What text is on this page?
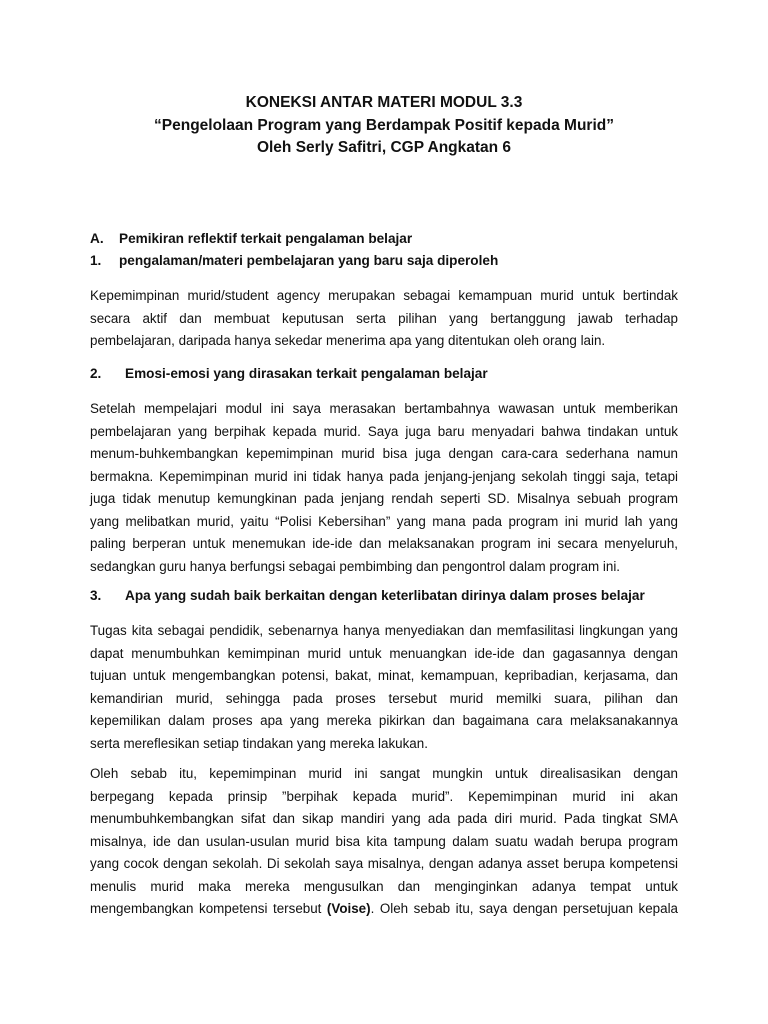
KONEKSI ANTAR MATERI MODUL 3.3
“Pengelolaan Program yang Berdampak Positif kepada Murid”
Oleh Serly Safitri, CGP Angkatan 6
A. Pemikiran reflektif terkait pengalaman belajar
1. pengalaman/materi pembelajaran yang baru saja diperoleh
Kepemimpinan murid/student agency merupakan sebagai kemampuan murid untuk bertindak
secara aktif dan membuat keputusan serta pilihan yang bertanggung jawab terhadap
pembelajaran, daripada hanya sekedar menerima apa yang ditentukan oleh orang lain.
2. Emosi-emosi yang dirasakan terkait pengalaman belajar
Setelah mempelajari modul ini saya merasakan bertambahnya wawasan untuk memberikan
pembelajaran yang berpihak kepada murid. Saya juga baru menyadari bahwa tindakan untuk
menum-buhkembangkan kepemimpinan murid bisa juga dengan cara-cara sederhana namun
bermakna. Kepemimpinan murid ini tidak hanya pada jenjang-jenjang sekolah tinggi saja, tetapi
juga tidak menutup kemungkinan pada jenjang rendah seperti SD. Misalnya sebuah program
yang melibatkan murid, yaitu “Polisi Kebersihan” yang mana pada program ini murid lah yang
paling berperan untuk menemukan ide-ide dan melaksanakan program ini secara menyeluruh,
sedangkan guru hanya berfungsi sebagai pembimbing dan pengontrol dalam program ini.
3. Apa yang sudah baik berkaitan dengan keterlibatan dirinya dalam proses belajar
Tugas kita sebagai pendidik, sebenarnya hanya menyediakan dan memfasilitasi lingkungan yang
dapat menumbuhkan kemimpinan murid untuk menuangkan ide-ide dan gagasannya dengan
tujuan untuk mengembangkan potensi, bakat, minat, kemampuan, kepribadian, kerjasama, dan
kemandirian murid, sehingga pada proses tersebut murid memilki suara, pilihan dan
kepemilikan dalam proses apa yang mereka pikirkan dan bagaimana cara melaksanakannya
serta mereflesikan setiap tindakan yang mereka lakukan.
Oleh sebab itu, kepemimpinan murid ini sangat mungkin untuk direalisasikan dengan
berpegang kepada prinsip ”berpihak kepada murid”. Kepemimpinan murid ini akan
menumbuhkembangkan sifat dan sikap mandiri yang ada pada diri murid. Pada tingkat SMA
misalnya, ide dan usulan-usulan murid bisa kita tampung dalam suatu wadah berupa program
yang cocok dengan sekolah. Di sekolah saya misalnya, dengan adanya asset berupa kompetensi
menulis murid maka mereka mengusulkan dan menginginkan adanya tempat untuk
mengembangkan kompetensi tersebut (Voise). Oleh sebab itu, saya dengan persetujuan kepala
